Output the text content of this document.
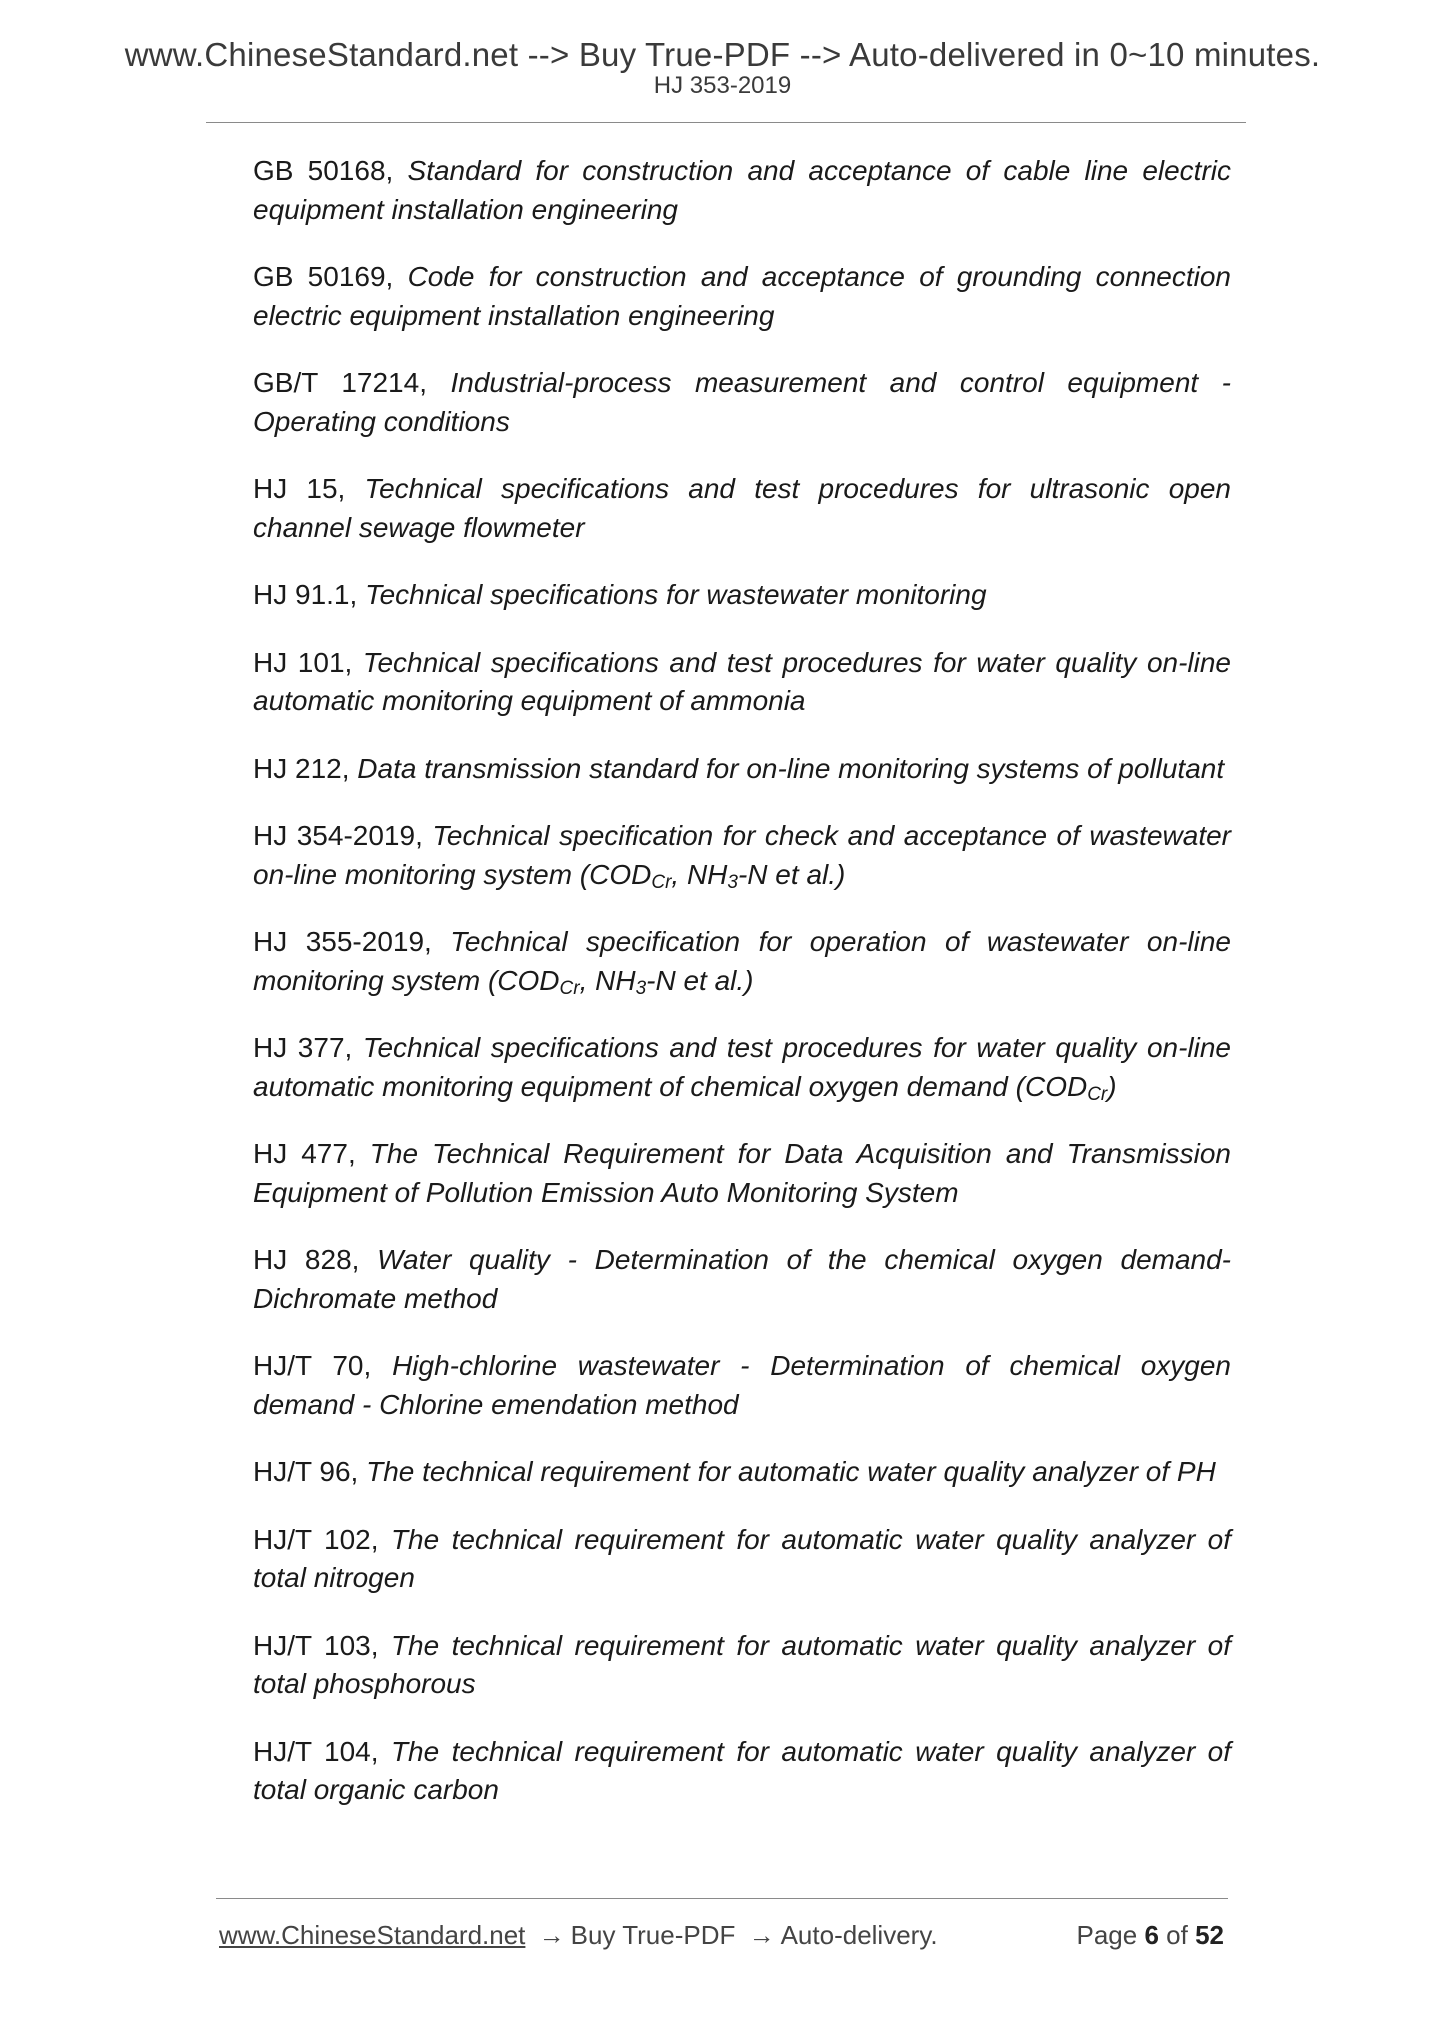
www.ChineseStandard.net --> Buy True-PDF --> Auto-delivered in 0~10 minutes.
HJ 353-2019
GB 50168, Standard for construction and acceptance of cable line electric equipment installation engineering
GB 50169, Code for construction and acceptance of grounding connection electric equipment installation engineering
GB/T 17214, Industrial-process measurement and control equipment - Operating conditions
HJ 15, Technical specifications and test procedures for ultrasonic open channel sewage flowmeter
HJ 91.1, Technical specifications for wastewater monitoring
HJ 101, Technical specifications and test procedures for water quality on-line automatic monitoring equipment of ammonia
HJ 212, Data transmission standard for on-line monitoring systems of pollutant
HJ 354-2019, Technical specification for check and acceptance of wastewater on-line monitoring system ($COD_{Cr}$, $NH_3-N$ et al.)
HJ 355-2019, Technical specification for operation of wastewater on-line monitoring system ($COD_{Cr}$, $NH_3-N$ et al.)
HJ 377, Technical specifications and test procedures for water quality on-line automatic monitoring equipment of chemical oxygen demand $(COD_{Cr})$
HJ 477, The Technical Requirement for Data Acquisition and Transmission Equipment of Pollution Emission Auto Monitoring System
HJ 828, Water quality - Determination of the chemical oxygen demand-Dichromate method
HJ/T 70, High-chlorine wastewater - Determination of chemical oxygen demand - Chlorine emendation method
HJ/T 96, The technical requirement for automatic water quality analyzer of PH
HJ/T 102, The technical requirement for automatic water quality analyzer of total nitrogen
HJ/T 103, The technical requirement for automatic water quality analyzer of total phosphorous
HJ/T 104, The technical requirement for automatic water quality analyzer of total organic carbon
www.ChineseStandard.net → Buy True-PDF → Auto-delivery.	Page 6 of 52
